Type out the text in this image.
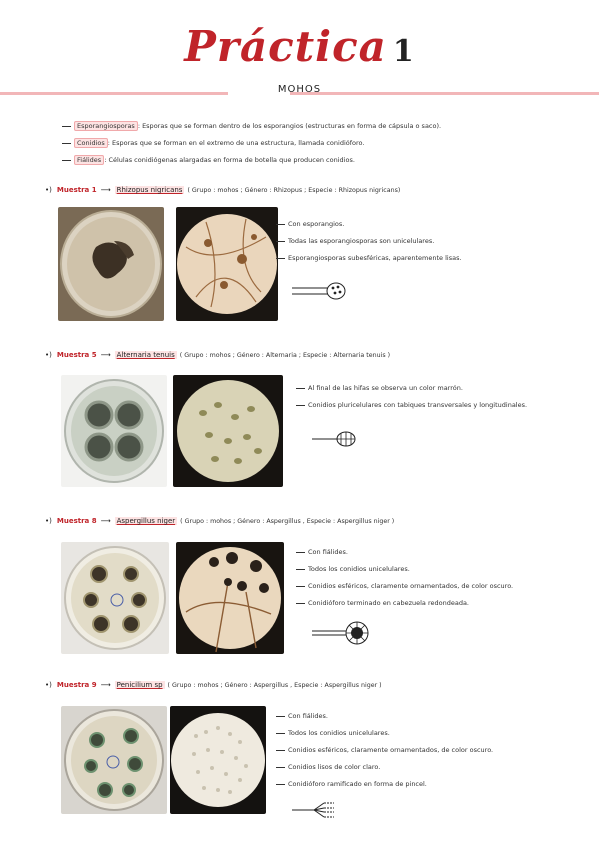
Práctica 1
MOHOS
Esporangiosporas : Esporas que se forman dentro de los esporangios (estructuras en forma de cápsula o saco).
Conidios : Esporas que se forman en el extremo de una estructura, llamada conidióforo.
Fiálides : Células conidiógenas alargadas en forma de botella que producen conidios.
•) Muestra 1 ⟶ Rhizopus nigricans ( Grupo : mohos ; Género : Rhizopus ; Especie : Rhizopus nigricans)
Con esporangios.
Todas las esporangiosporas son unicelulares.
Esporangiosporas subesféricas, aparentemente lisas.
•) Muestra 5 ⟶ Alternaria tenuis ( Grupo : mohos ; Género : Alternaria ; Especie : Alternaria tenuis )
Al final de las hifas se observa un color marrón.
Conidios pluricelulares con tabiques transversales y longitudinales.
•) Muestra 8 ⟶ Aspergillus niger ( Grupo : mohos ; Género : Aspergillus , Especie : Aspergillus niger )
Con fiálides.
Todos los conidios unicelulares.
Conidios esféricos, claramente ornamentados, de color oscuro.
Conidióforo terminado en cabezuela redondeada.
•) Muestra 9 ⟶ Penicilium sp ( Grupo : mohos ; Género : Aspergillus , Especie : Aspergillus niger )
Con fiálides.
Todos los conidios unicelulares.
Conidios esféricos, claramente ornamentados, de color oscuro.
Conidios lisos de color claro.
Conidióforo ramificado en forma de pincel.
